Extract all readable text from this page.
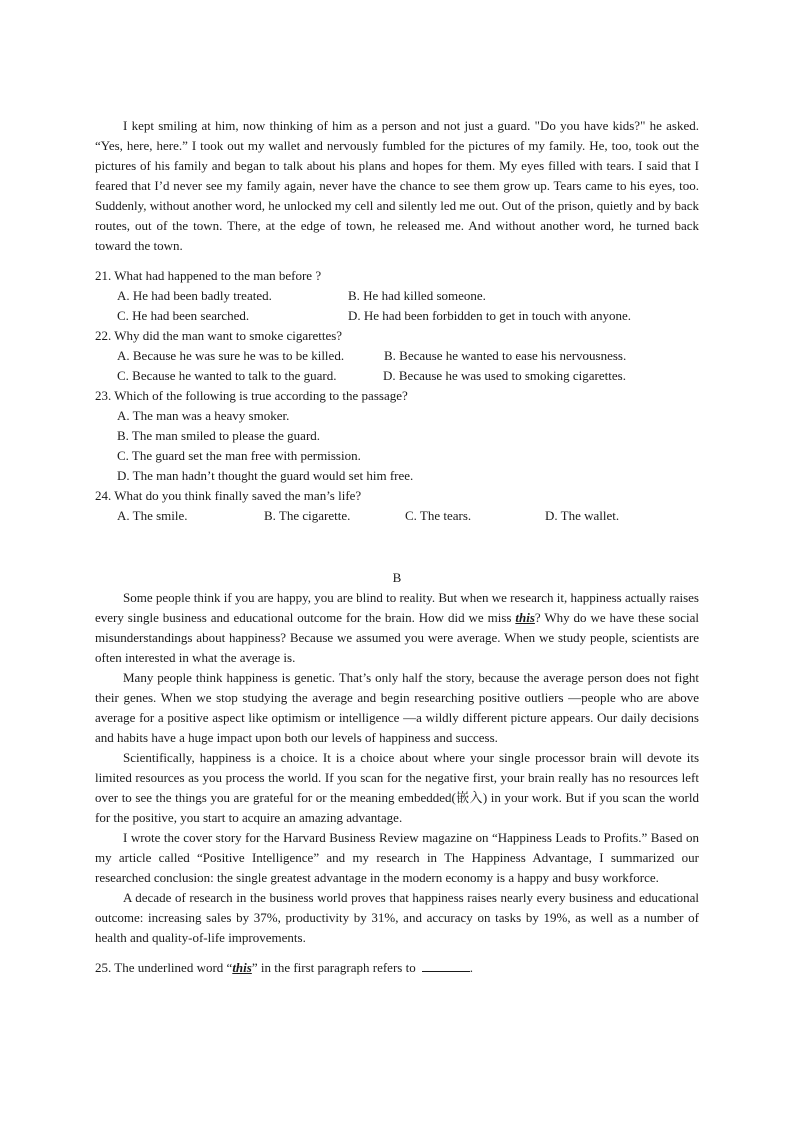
I kept smiling at him, now thinking of him as a person and not just a guard. "Do you have kids?" he asked. “Yes, here, here.” I took out my wallet and nervously fumbled for the pictures of my family. He, too, took out the pictures of his family and began to talk about his plans and hopes for them. My eyes filled with tears. I said that I feared that I’d never see my family again, never have the chance to see them grow up. Tears came to his eyes, too. Suddenly, without another word, he unlocked my cell and silently led me out. Out of the prison, quietly and by back routes, out of the town. There, at the edge of town, he released me. And without another word, he turned back toward the town.

21. What had happened to the man before ?
A. He had been badly treated.	B. He had killed someone.
C. He had been searched.	D. He had been forbidden to get in touch with anyone.
22. Why did the man want to smoke cigarettes?
A. Because he was sure he was to be killed.	B. Because he wanted to ease his nervousness.
C. Because he wanted to talk to the guard.	D. Because he was used to smoking cigarettes.
23. Which of the following is true according to the passage?
A. The man was a heavy smoker.
B. The man smiled to please the guard.
C. The guard set the man free with permission.
D. The man hadn’t thought the guard would set him free.
24. What do you think finally saved the man’s life?
A. The smile.	B. The cigarette.	C. The tears.	D. The wallet.
B

Some people think if you are happy, you are blind to reality. But when we research it, happiness actually raises every single business and educational outcome for the brain. How did we miss this? Why do we have these social misunderstandings about happiness? Because we assumed you were average. When we study people, scientists are often interested in what the average is.

Many people think happiness is genetic. That’s only half the story, because the average person does not fight their genes. When we stop studying the average and begin researching positive outliers —people who are above average for a positive aspect like optimism or intelligence —a wildly different picture appears. Our daily decisions and habits have a huge impact upon both our levels of happiness and success.

Scientifically, happiness is a choice. It is a choice about where your single processor brain will devote its limited resources as you process the world. If you scan for the negative first, your brain really has no resources left over to see the things you are grateful for or the meaning embedded(嵌入) in your work. But if you scan the world for the positive, you start to acquire an amazing advantage.

I wrote the cover story for the Harvard Business Review magazine on “Happiness Leads to Profits.” Based on my article called “Positive Intelligence” and my research in The Happiness Advantage, I summarized our researched conclusion: the single greatest advantage in the modern economy is a happy and busy workforce.

A decade of research in the business world proves that happiness raises nearly every business and educational outcome: increasing sales by 37%, productivity by 31%, and accuracy on tasks by 19%, as well as a number of health and quality-of-life improvements.

25. The underlined word “this” in the first paragraph refers to	.
